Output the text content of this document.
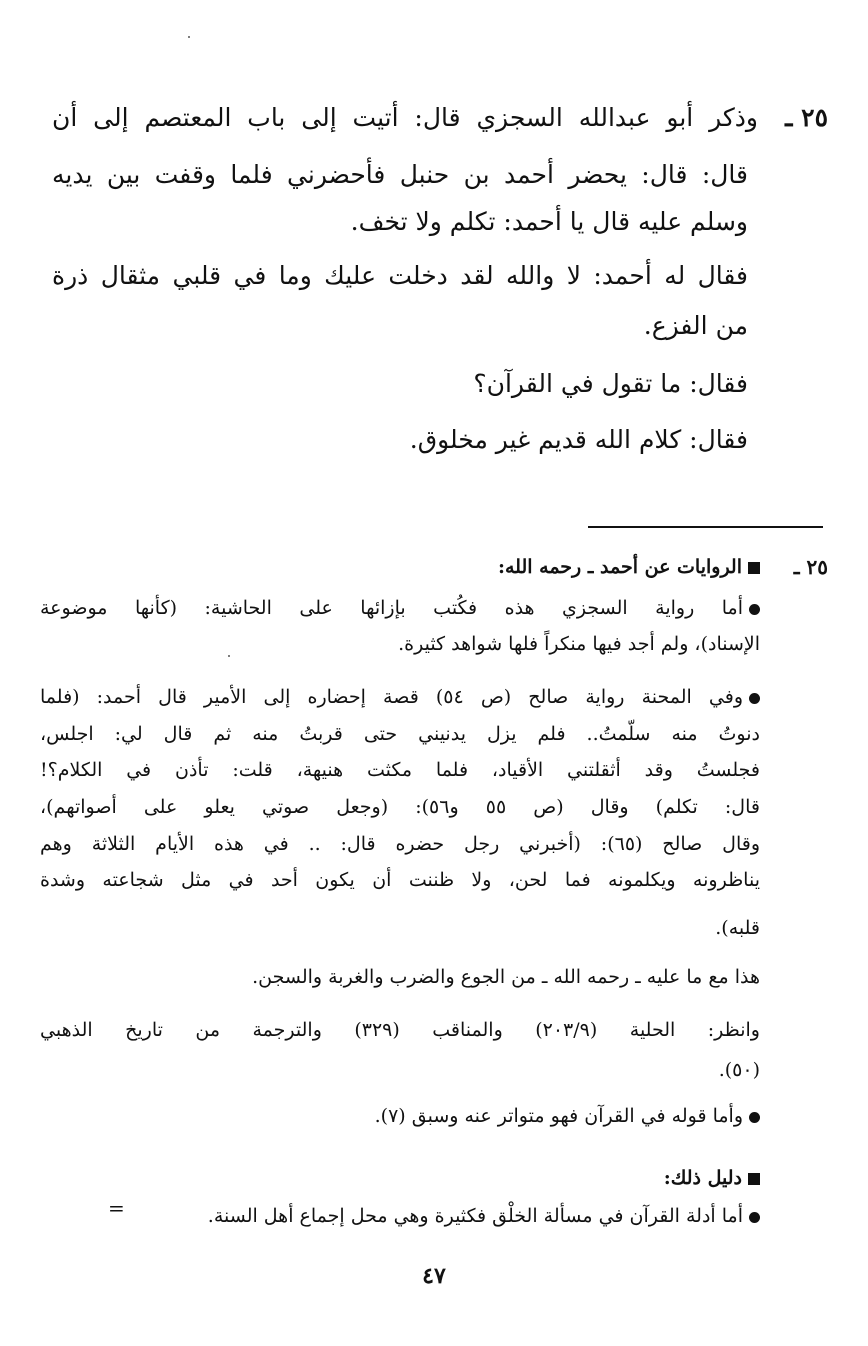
٢٥ ـ
وذكر أبو عبدالله السجزي قال: أتيت إلى باب المعتصم إلى أن
قال: قال: يحضر أحمد بن حنبل فأحضرني فلما وقفت بين يديه
وسلم عليه قال يا أحمد: تكلم ولا تخف.
فقال له أحمد: لا والله لقد دخلت عليك وما في قلبي مثقال ذرة
من الفزع.
فقال: ما تقول في القرآن؟
فقال: كلام الله قديم غير مخلوق.
٢٥ ـ
الروايات عن أحمد ـ رحمه الله:
أما رواية السجزي هذه فكُتب بإزائها على الحاشية: (كأنها موضوعة
الإسناد)، ولم أجد فيها منكراً فلها شواهد كثيرة.
وفي المحنة رواية صالح (ص ٥٤) قصة إحضاره إلى الأمير قال أحمد: (فلما
دنوتُ منه سلّمتُ.. فلم يزل يدنيني حتى قربتُ منه ثم قال لي: اجلس،
فجلستُ وقد أثقلتني الأقياد، فلما مكثت هنيهة، قلت: تأذن في الكلام؟!
قال: تكلم) وقال (ص ٥٥ و٥٦): (وجعل صوتي يعلو على أصواتهم)،
وقال صالح (٦٥): (أخبرني رجل حضره قال: .. في هذه الأيام الثلاثة وهم
يناظرونه ويكلمونه فما لحن، ولا ظننت أن يكون أحد في مثل شجاعته وشدة
قلبه).
هذا مع ما عليه ـ رحمه الله ـ من الجوع والضرب والغربة والسجن.
وانظر: الحلية (٢٠٣/٩) والمناقب (٣٢٩) والترجمة من تاريخ الذهبي
(٥٠).
وأما قوله في القرآن فهو متواتر عنه وسبق (٧).
دليل ذلك:
أما أدلة القرآن في مسألة الخلْق فكثيرة وهي محل إجماع أهل السنة.
=
٤٧
